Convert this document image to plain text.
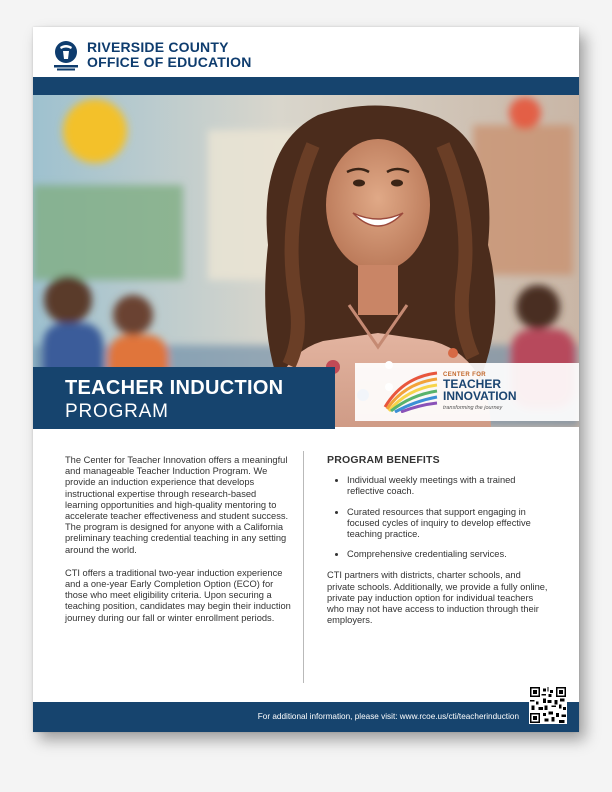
RIVERSIDE COUNTY
OFFICE OF EDUCATION
TEACHER INDUCTION
PROGRAM
CENTER FOR
TEACHER
INNOVATION
transforming the journey

The Center for Teacher Innovation offers a meaningful and manageable Teacher Induction Program. We provide an induction experience that develops instructional expertise through research-based learning opportunities and high-quality mentoring to accelerate teacher effectiveness and student success. The program is designed for anyone with a California preliminary teaching credential teaching in any setting around the world.

CTI offers a traditional two-year induction experience and a one-year Early Completion Option (ECO) for those who meet eligibility criteria. Upon securing a teaching position, candidates may begin their induction journey during our fall or winter enrollment periods.

PROGRAM BENEFITS
• Individual weekly meetings with a trained reflective coach.
• Curated resources that support engaging in focused cycles of inquiry to develop effective teaching practice.
• Comprehensive credentialing services.

CTI partners with districts, charter schools, and private schools. Additionally, we provide a fully online, private pay induction option for individual teachers who may not have access to induction through their employers.

For additional information, please visit: www.rcoe.us/cti/teacherinduction
